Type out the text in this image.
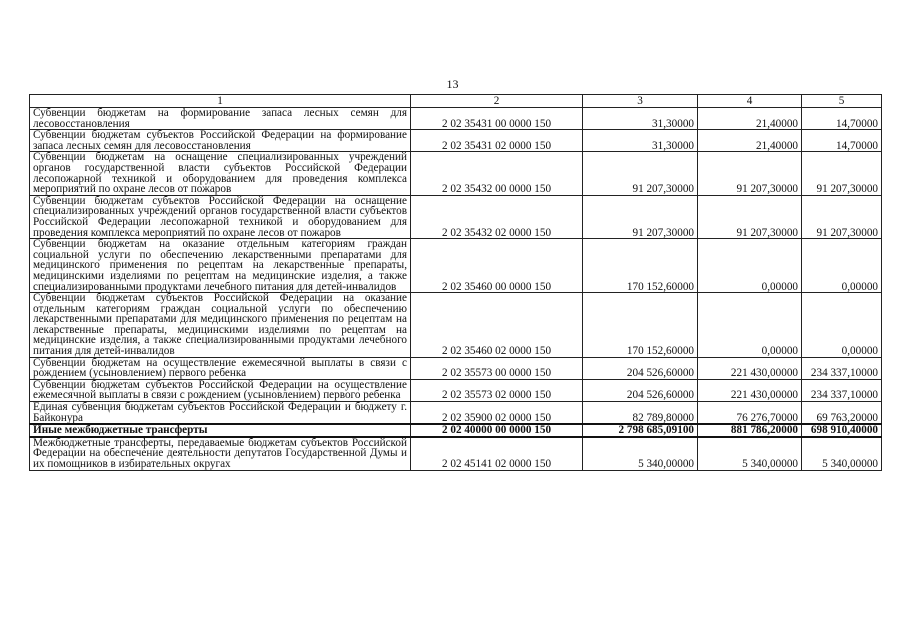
13
1	2	3	4	5
Субвенции бюджетам на формирование запаса лесных семян для лесовосстановления	2 02 35431 00 0000 150	31,30000	21,40000	14,70000
Субвенции бюджетам субъектов Российской Федерации на формирование запаса лесных семян для лесовосстановления	2 02 35431 02 0000 150	31,30000	21,40000	14,70000
Субвенции бюджетам на оснащение специализированных учреждений органов государственной власти субъектов Российской Федерации лесопожарной техникой и оборудованием для проведения комплекса мероприятий по охране лесов от пожаров	2 02 35432 00 0000 150	91 207,30000	91 207,30000	91 207,30000
Субвенции бюджетам субъектов Российской Федерации на оснащение специализированных учреждений органов государственной власти субъектов Российской Федерации лесопожарной техникой и оборудованием для проведения комплекса мероприятий по охране лесов от пожаров	2 02 35432 02 0000 150	91 207,30000	91 207,30000	91 207,30000
Субвенции бюджетам на оказание отдельным категориям граждан социальной услуги по обеспечению лекарственными препаратами для медицинского применения по рецептам на лекарственные препараты, медицинскими изделиями по рецептам на медицинские изделия, а также специализированными продуктами лечебного питания для детей-инвалидов	2 02 35460 00 0000 150	170 152,60000	0,00000	0,00000
Субвенции бюджетам субъектов Российской Федерации на оказание отдельным категориям граждан социальной услуги по обеспечению лекарственными препаратами для медицинского применения по рецептам на лекарственные препараты, медицинскими изделиями по рецептам на медицинские изделия, а также специализированными продуктами лечебного питания для детей-инвалидов	2 02 35460 02 0000 150	170 152,60000	0,00000	0,00000
Субвенции бюджетам на осуществление ежемесячной выплаты в связи с рождением (усыновлением) первого ребенка	2 02 35573 00 0000 150	204 526,60000	221 430,00000	234 337,10000
Субвенции бюджетам субъектов Российской Федерации на осуществление ежемесячной выплаты в связи с рождением (усыновлением) первого ребенка	2 02 35573 02 0000 150	204 526,60000	221 430,00000	234 337,10000
Единая субвенция бюджетам субъектов Российской Федерации и бюджету г. Байконура	2 02 35900 02 0000 150	82 789,80000	76 276,70000	69 763,20000
Иные межбюджетные трансферты	2 02 40000 00 0000 150	2 798 685,09100	881 786,20000	698 910,40000
Межбюджетные трансферты, передаваемые бюджетам субъектов Российской Федерации на обеспечение деятельности депутатов Государственной Думы и их помощников в избирательных округах	2 02 45141 02 0000 150	5 340,00000	5 340,00000	5 340,00000
